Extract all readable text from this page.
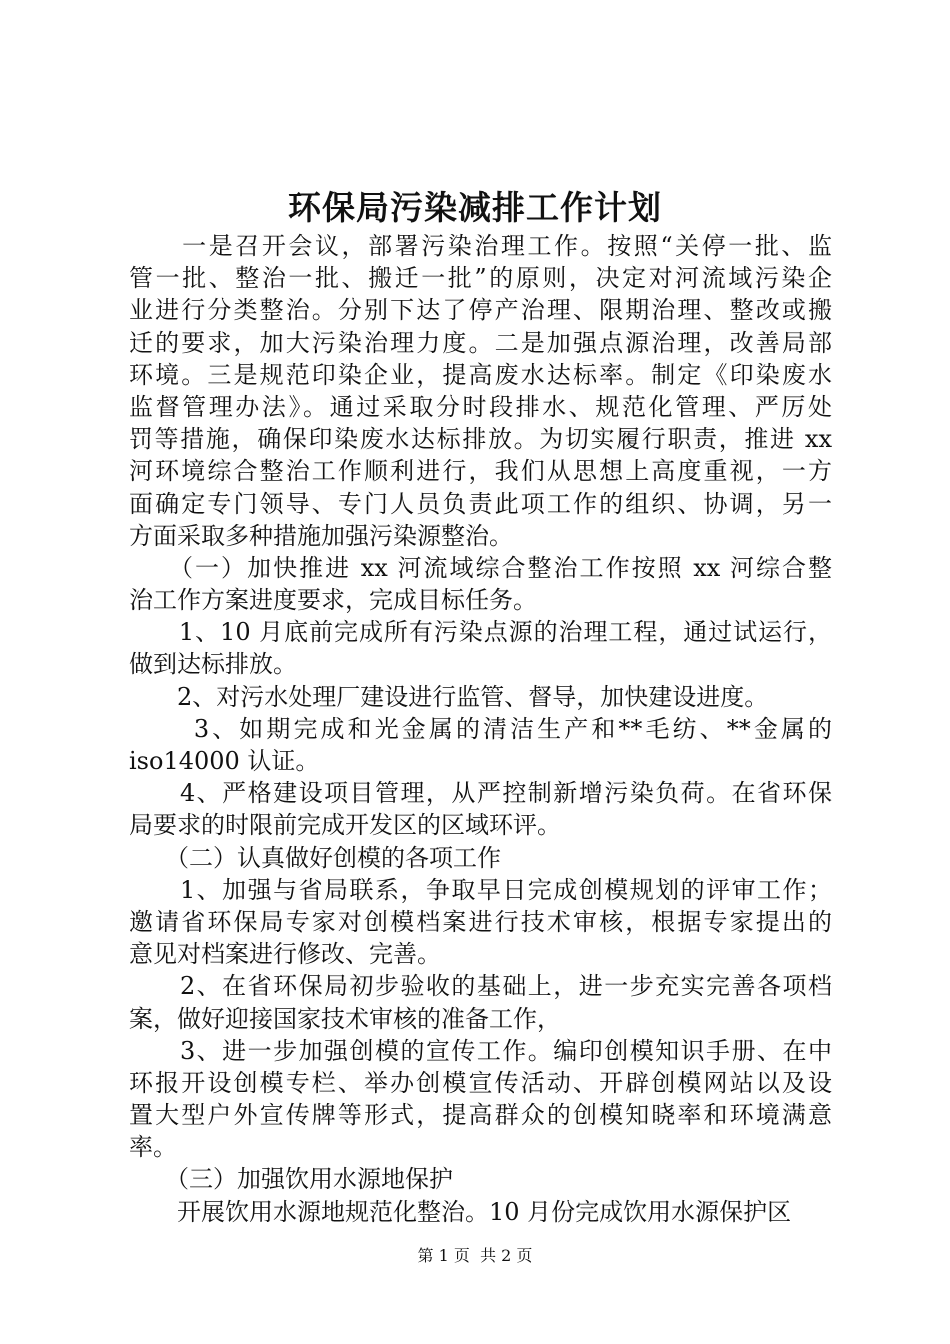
环保局污染减排工作计划
　　一是召开会议，部署污染治理工作。按照“关停一批、监
管一批、整治一批、搬迁一批”的原则，决定对河流域污染企
业进行分类整治。分别下达了停产治理、限期治理、整改或搬
迁的要求，加大污染治理力度。二是加强点源治理，改善局部
环境。三是规范印染企业，提高废水达标率。制定《印染废水
监督管理办法》。通过采取分时段排水、规范化管理、严厉处
罚等措施，确保印染废水达标排放。为切实履行职责，推进 xx
河环境综合整治工作顺利进行，我们从思想上高度重视，一方
面确定专门领导、专门人员负责此项工作的组织、协调，另一
方面采取多种措施加强污染源整治。
　　（一）加快推进 xx 河流域综合整治工作按照 xx 河综合整
治工作方案进度要求，完成目标任务。
　　1、10 月底前完成所有污染点源的治理工程，通过试运行，
做到达标排放。
　　2、对污水处理厂建设进行监管、督导，加快建设进度。
　　 3、如期完成和光金属的清洁生产和**毛纺、**金属的
iso14000 认证。
　　4、严格建设项目管理，从严控制新增污染负荷。在省环保
局要求的时限前完成开发区的区域环评。
　　（二）认真做好创模的各项工作
　　1、加强与省局联系，争取早日完成创模规划的评审工作；
邀请省环保局专家对创模档案进行技术审核，根据专家提出的
意见对档案进行修改、完善。
　　2、在省环保局初步验收的基础上，进一步充实完善各项档
案，做好迎接国家技术审核的准备工作，
　　3、进一步加强创模的宣传工作。编印创模知识手册、在中
环报开设创模专栏、举办创模宣传活动、开辟创模网站以及设
置大型户外宣传牌等形式，提高群众的创模知晓率和环境满意
率。
　　（三）加强饮用水源地保护
　　开展饮用水源地规范化整治。10 月份完成饮用水源保护区
第 1 页  共 2 页
